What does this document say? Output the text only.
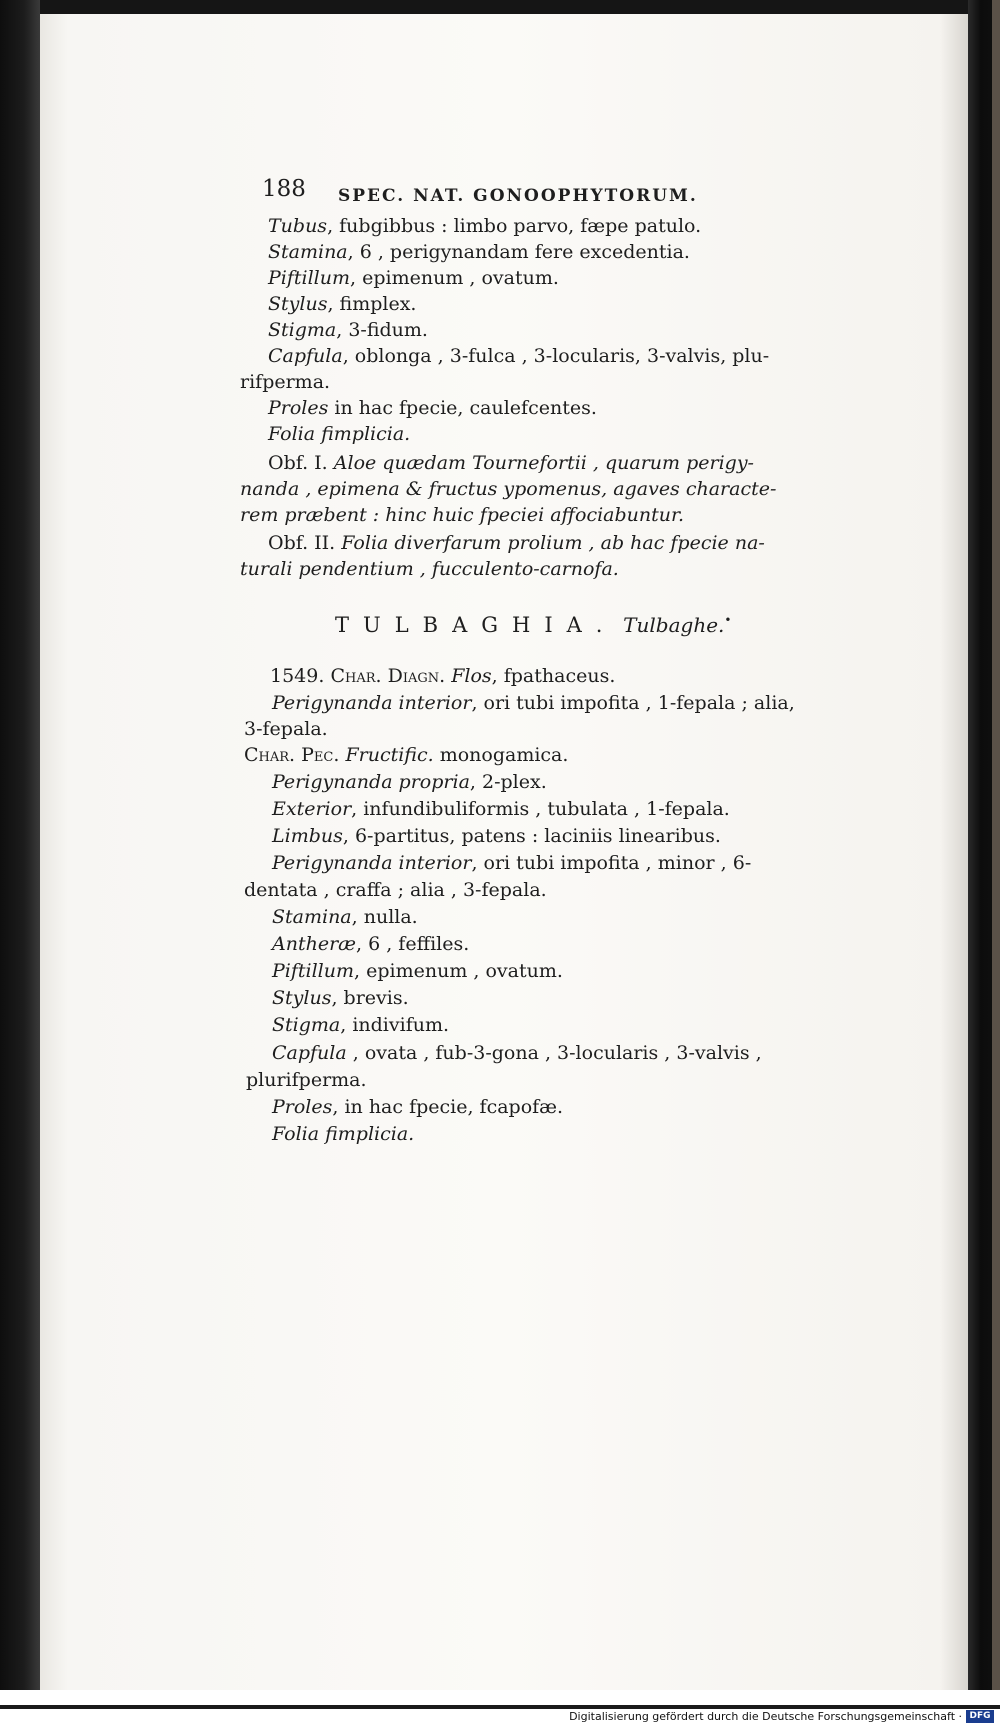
188 SPEC. NAT. GONOOPHYTORUM.
Tubus, fubgibbus : limbo parvo, fæpe patulo.
Stamina, 6 , perigynandam fere excedentia.
Piftillum, epimenum , ovatum.
Stylus, fimplex.
Stigma, 3-fidum.
Capfula, oblonga , 3-fulca , 3-locularis, 3-valvis, plu-
rifperma.
Proles in hac fpecie, caulefcentes.
Folia fimplicia.
Obf. I. Aloe quædam Tournefortii , quarum perigy-
nanda , epimena & fructus ypomenus, agaves characte-
rem præbent : hinc huic fpeciei affociabuntur.
Obf. II. Folia diverfarum prolium , ab hac fpecie na-
turali pendentium , fucculento-carnofa.
TULBAGHIA. Tulbaghe.•
1549. Char. Diagn. Flos, fpathaceus.
Perigynanda interior, ori tubi impofita , 1-fepala ; alia,
3-fepala.
Char. Pec. Fructific. monogamica.
Perigynanda propria, 2-plex.
Exterior, infundibuliformis , tubulata , 1-fepala.
Limbus, 6-partitus, patens : laciniis linearibus.
Perigynanda interior, ori tubi impofita , minor , 6-
dentata , craffa ; alia , 3-fepala.
Stamina, nulla.
Antheræ, 6 , feffiles.
Piftillum, epimenum , ovatum.
Stylus, brevis.
Stigma, indivifum.
Capfula , ovata , fub-3-gona , 3-locularis , 3-valvis ,
plurifperma.
Proles, in hac fpecie, fcapofæ.
Folia fimplicia.
Digitalisierung gefördert durch die Deutsche Forschungsgemeinschaft · DFG
